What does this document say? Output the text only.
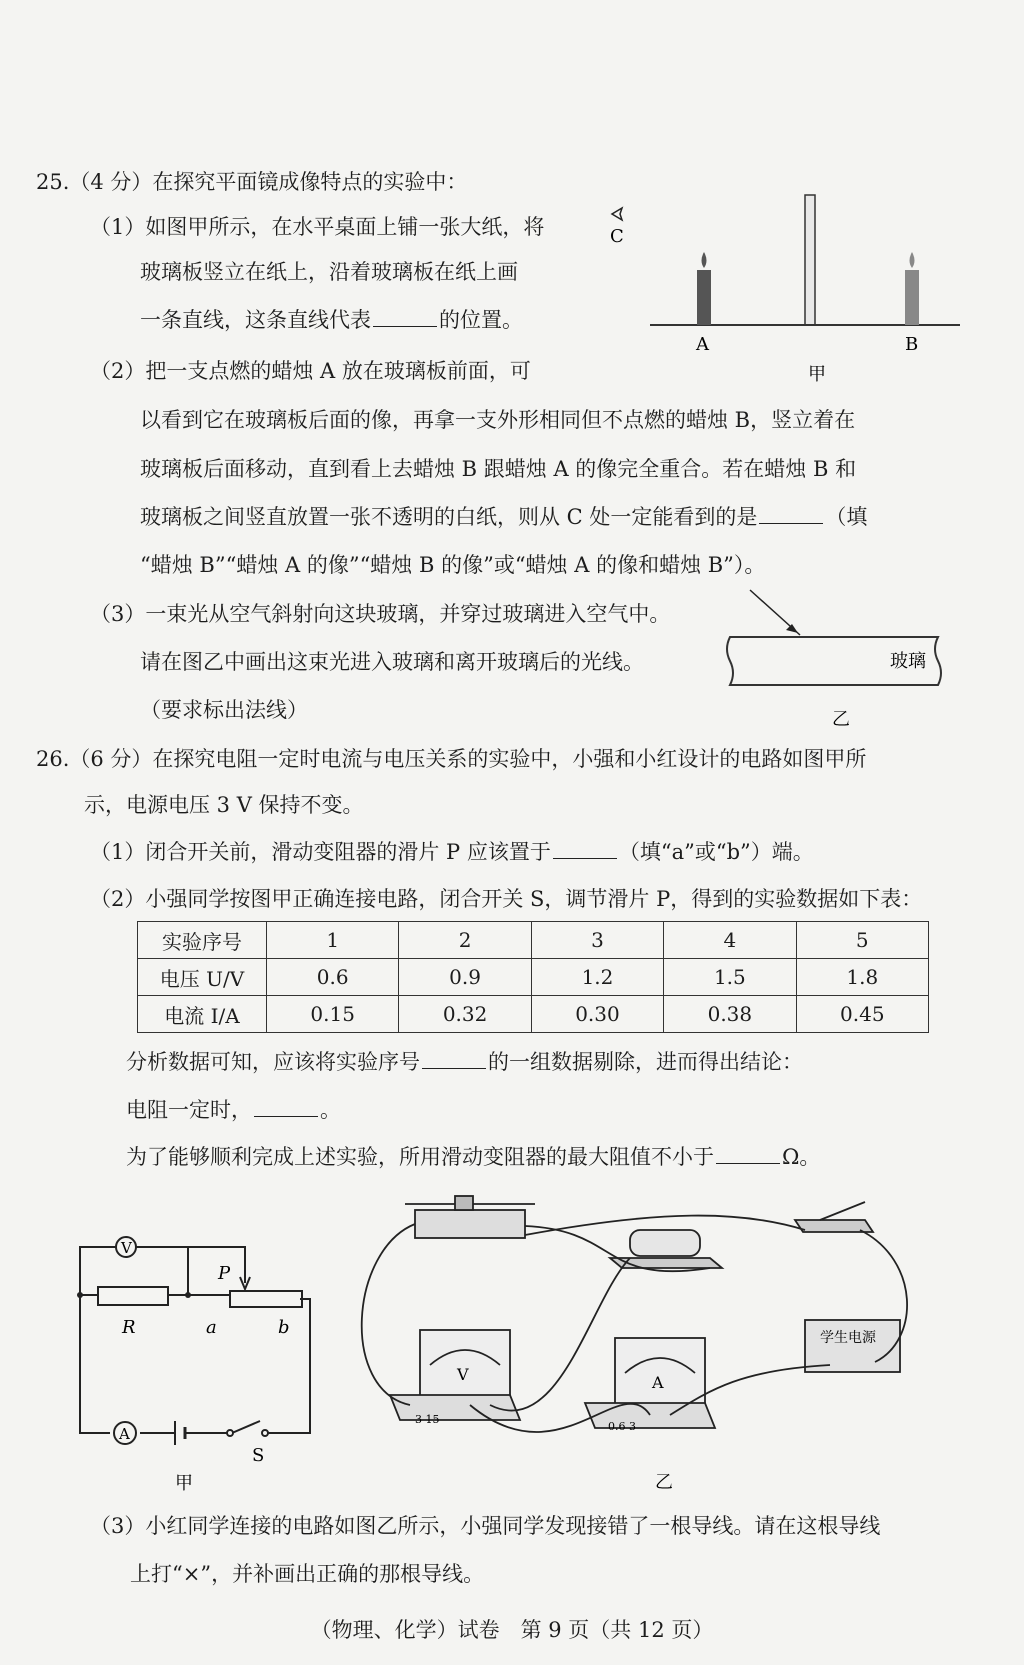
25.（4 分）在探究平面镜成像特点的实验中：
（1）如图甲所示，在水平桌面上铺一张大纸，将
玻璃板竖立在纸上，沿着玻璃板在纸上画
一条直线，这条直线代表	的位置。
（2）把一支点燃的蜡烛 A 放在玻璃板前面，可
以看到它在玻璃板后面的像，再拿一支外形相同但不点燃的蜡烛 B，竖立着在
玻璃板后面移动，直到看上去蜡烛 B 跟蜡烛 A 的像完全重合。若在蜡烛 B 和
玻璃板之间竖直放置一张不透明的白纸，则从 C 处一定能看到的是	（填
“蜡烛 B”“蜡烛 A 的像”“蜡烛 B 的像”或“蜡烛 A 的像和蜡烛 B”）。
（3）一束光从空气斜射向这块玻璃，并穿过玻璃进入空气中。
请在图乙中画出这束光进入玻璃和离开玻璃后的光线。
（要求标出法线）
C
A	B
甲
玻璃
乙
26.（6 分）在探究电阻一定时电流与电压关系的实验中，小强和小红设计的电路如图甲所
示，电源电压 3 V 保持不变。
（1）闭合开关前，滑动变阻器的滑片 P 应该置于	（填“a”或“b”）端。
（2）小强同学按图甲正确连接电路，闭合开关 S，调节滑片 P，得到的实验数据如下表：
实验序号	1	2	3	4	5
电压 U/V	0.6	0.9	1.2	1.5	1.8
电流 I/A	0.15	0.32	0.30	0.38	0.45
分析数据可知，应该将实验序号	的一组数据剔除，进而得出结论：
电阻一定时，	。
为了能够顺利完成上述实验，所用滑动变阻器的最大阻值不小于	Ω。
V
A
P
R	a	b
S
甲
V	A
3 15
0.6 3
学生电源
乙
（3）小红同学连接的电路如图乙所示，小强同学发现接错了一根导线。请在这根导线
上打“×”，并补画出正确的那根导线。
（物理、化学）试卷　第 9 页（共 12 页）
